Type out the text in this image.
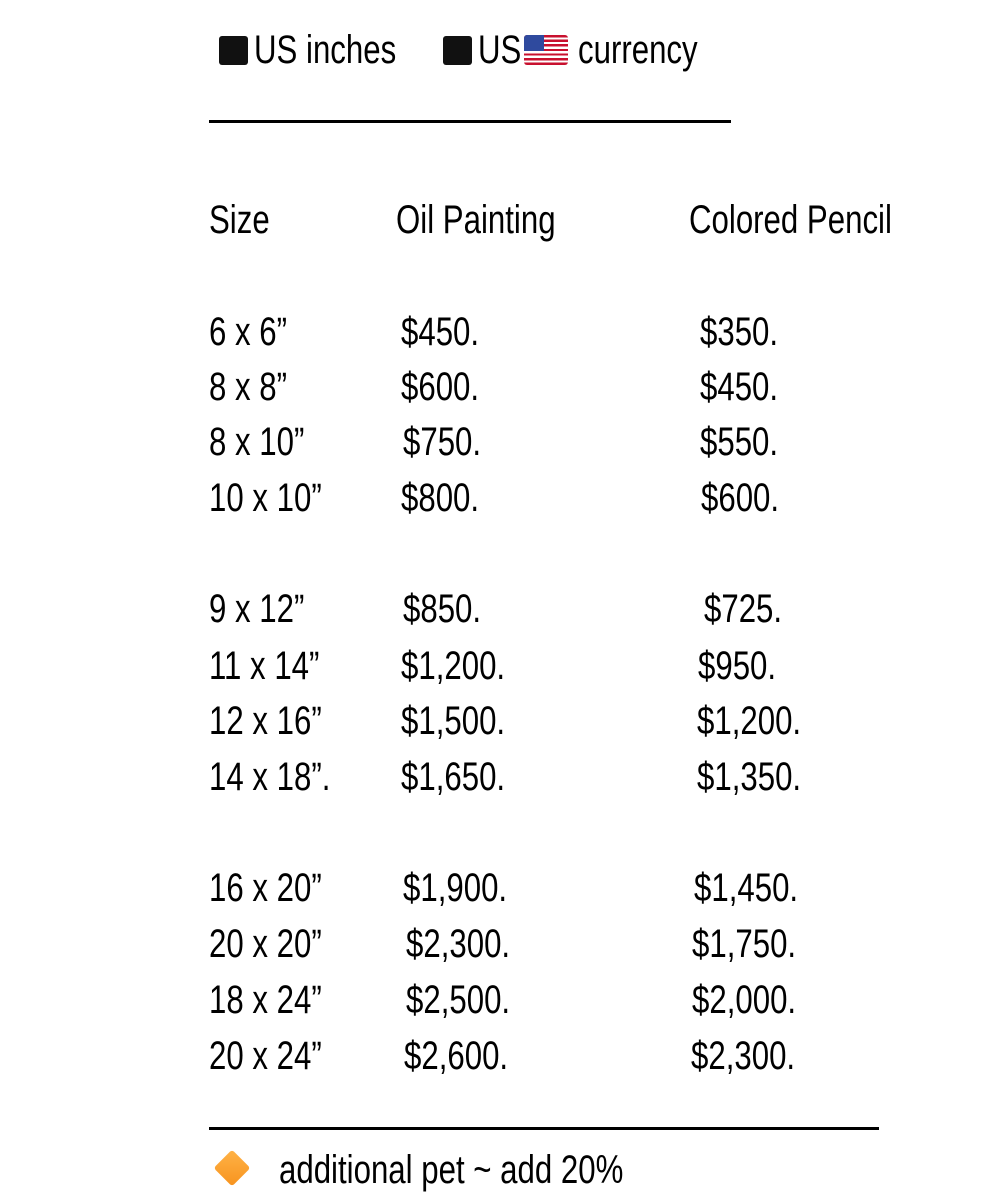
US inches US currency
Size	Oil Painting	Colored Pencil
6 x 6”	$450.	$350.
8 x 8”	$600.	$450.
8 x 10”	$750.	$550.
10 x 10”	$800.	$600.
9 x 12”	$850.	$725.
11 x 14”	$1,200.	$950.
12 x 16”	$1,500.	$1,200.
14 x 18”.	$1,650.	$1,350.
16 x 20”	$1,900.	$1,450.
20 x 20”	$2,300.	$1,750.
18 x 24”	$2,500.	$2,000.
20 x 24”	$2,600.	$2,300.
additional pet ~ add 20%
